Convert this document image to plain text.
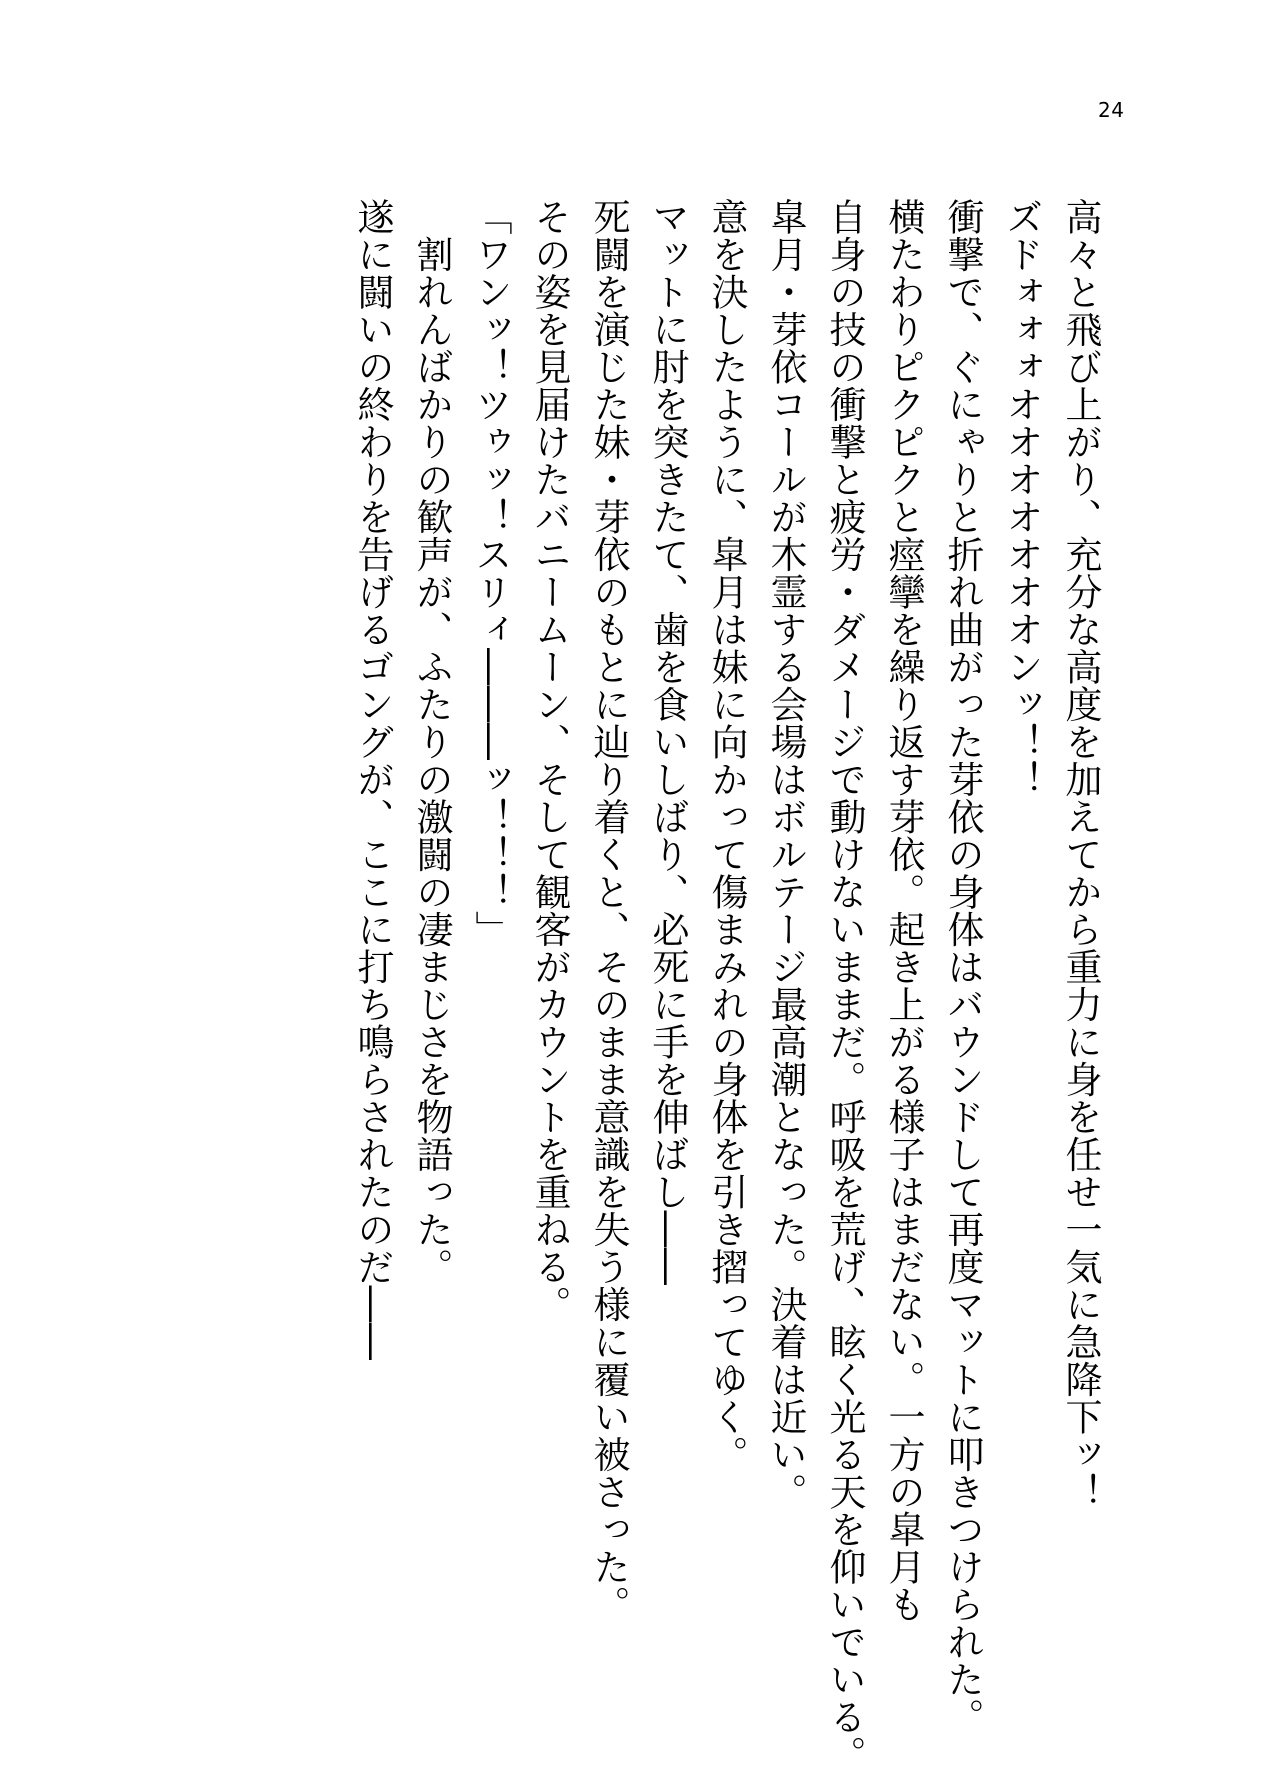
24
高々と飛び上がり、充分な高度を加えてから重力に身を任せ一気に急降下ッ！
ズドォォォオオオオオオオンッ！！
衝撃で、ぐにゃりと折れ曲がった芽依の身体はバウンドして再度マットに叩きつけられた。
横たわりピクピクと痙攣を繰り返す芽依。起き上がる様子はまだない。一方の皐月も
自身の技の衝撃と疲労・ダメージで動けないままだ。呼吸を荒げ、眩く光る天を仰いでいる。
皐月・芽依コールが木霊する会場はボルテージ最高潮となった。決着は近い。
意を決したように、皐月は妹に向かって傷まみれの身体を引き摺ってゆく。
マットに肘を突きたて、歯を食いしばり、必死に手を伸ばし――
死闘を演じた妹・芽依のもとに辿り着くと、そのまま意識を失う様に覆い被さった。
その姿を見届けたバニームーン、そして観客がカウントを重ねる。
「ワンッ！ツゥッ！スリィ―――ッ！！！」
　割れんばかりの歓声が、ふたりの激闘の凄まじさを物語った。
遂に闘いの終わりを告げるゴングが、ここに打ち鳴らされたのだ――
